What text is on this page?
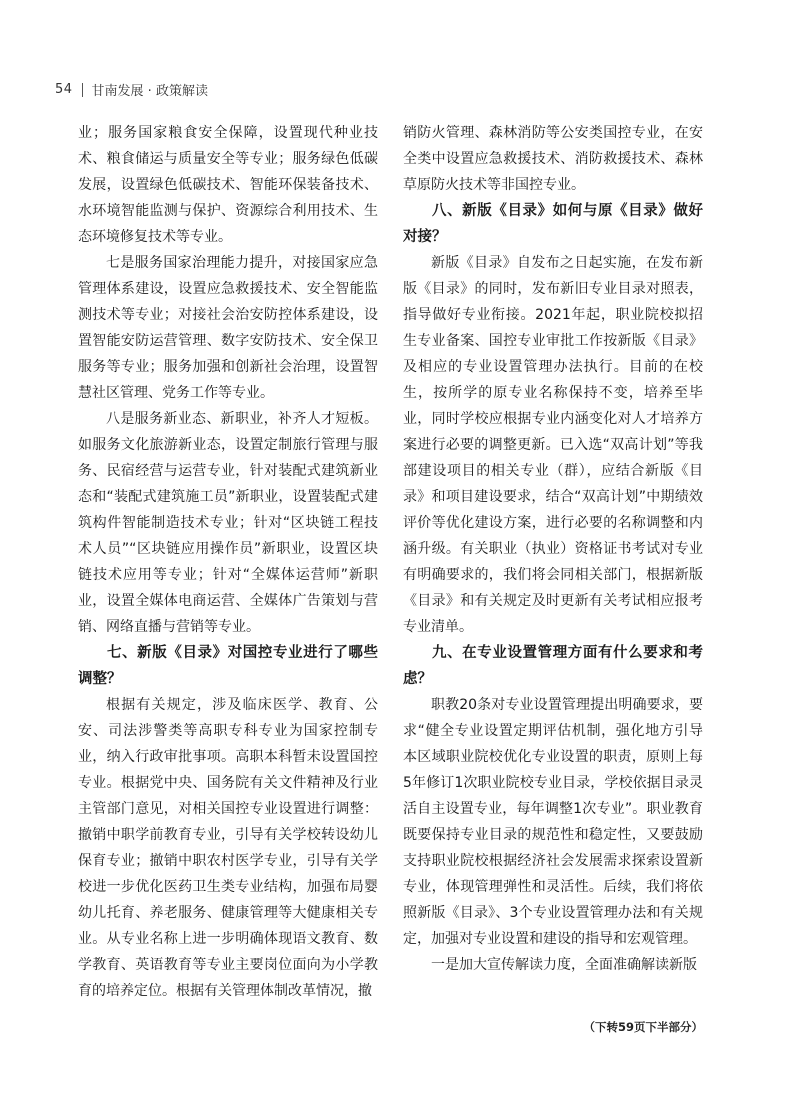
54 甘南发展 · 政策解读

业；服务国家粮食安全保障，设置现代种业技术、粮食储运与质量安全等专业；服务绿色低碳发展，设置绿色低碳技术、智能环保装备技术、水环境智能监测与保护、资源综合利用技术、生态环境修复技术等专业。

七是服务国家治理能力提升，对接国家应急管理体系建设，设置应急救援技术、安全智能监测技术等专业；对接社会治安防控体系建设，设置智能安防运营管理、数字安防技术、安全保卫服务等专业；服务加强和创新社会治理，设置智慧社区管理、党务工作等专业。

八是服务新业态、新职业，补齐人才短板。如服务文化旅游新业态，设置定制旅行管理与服务、民宿经营与运营专业，针对装配式建筑新业态和“装配式建筑施工员”新职业，设置装配式建筑构件智能制造技术专业；针对“区块链工程技术人员”“区块链应用操作员”新职业，设置区块链技术应用等专业；针对“全媒体运营师”新职业，设置全媒体电商运营、全媒体广告策划与营销、网络直播与营销等专业。

七、新版《目录》对国控专业进行了哪些调整？

根据有关规定，涉及临床医学、教育、公安、司法涉警类等高职专科专业为国家控制专业，纳入行政审批事项。高职本科暂未设置国控专业。根据党中央、国务院有关文件精神及行业主管部门意见，对相关国控专业设置进行调整：撤销中职学前教育专业，引导有关学校转设幼儿保育专业；撤销中职农村医学专业，引导有关学校进一步优化医药卫生类专业结构，加强布局婴幼儿托育、养老服务、健康管理等大健康相关专业。从专业名称上进一步明确体现语文教育、数学教育、英语教育等专业主要岗位面向为小学教育的培养定位。根据有关管理体制改革情况，撤

销防火管理、森林消防等公安类国控专业，在安全类中设置应急救援技术、消防救援技术、森林草原防火技术等非国控专业。

八、新版《目录》如何与原《目录》做好对接？

新版《目录》自发布之日起实施，在发布新版《目录》的同时，发布新旧专业目录对照表，指导做好专业衔接。2021年起，职业院校拟招生专业备案、国控专业审批工作按新版《目录》及相应的专业设置管理办法执行。目前的在校生，按所学的原专业名称保持不变，培养至毕业，同时学校应根据专业内涵变化对人才培养方案进行必要的调整更新。已入选“双高计划”等我部建设项目的相关专业（群），应结合新版《目录》和项目建设要求，结合“双高计划”中期绩效评价等优化建设方案，进行必要的名称调整和内涵升级。有关职业（执业）资格证书考试对专业有明确要求的，我们将会同相关部门，根据新版《目录》和有关规定及时更新有关考试相应报考专业清单。

九、在专业设置管理方面有什么要求和考虑？

职教20条对专业设置管理提出明确要求，要求“健全专业设置定期评估机制，强化地方引导本区域职业院校优化专业设置的职责，原则上每5年修订1次职业院校专业目录，学校依据目录灵活自主设置专业，每年调整1次专业”。职业教育既要保持专业目录的规范性和稳定性，又要鼓励支持职业院校根据经济社会发展需求探索设置新专业，体现管理弹性和灵活性。后续，我们将依照新版《目录》、3个专业设置管理办法和有关规定，加强对专业设置和建设的指导和宏观管理。

一是加大宣传解读力度，全面准确解读新版

（下转59页下半部分）
